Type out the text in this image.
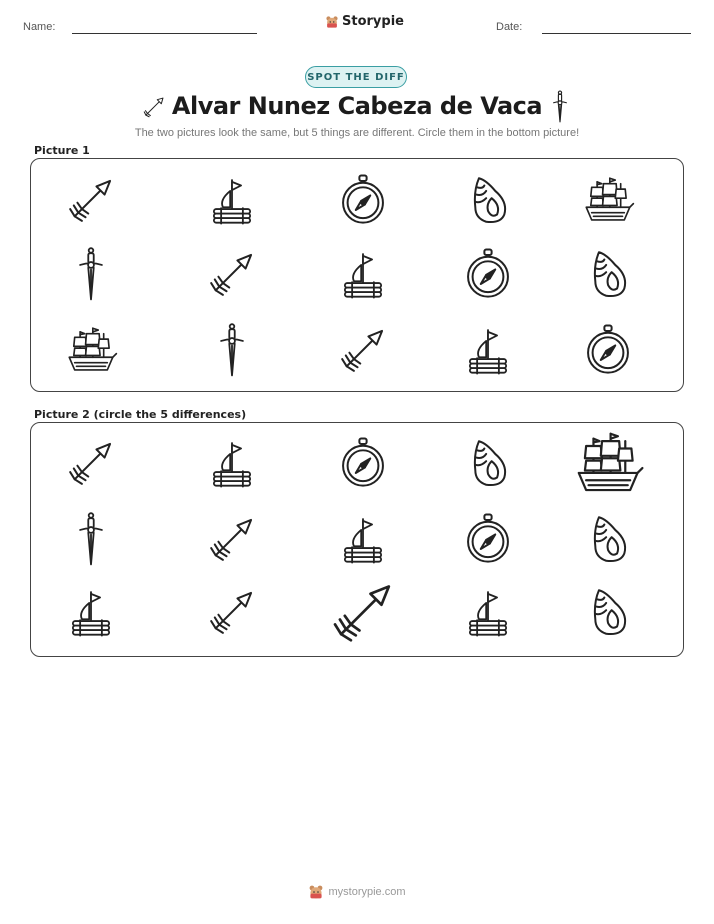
Name:	Storypie	Date:
SPOT THE DIFF
Alvar Nunez Cabeza de Vaca
The two pictures look the same, but 5 things are different. Circle them in the bottom picture!
Picture 1
Picture 2 (circle the 5 differences)
mystorypie.com
